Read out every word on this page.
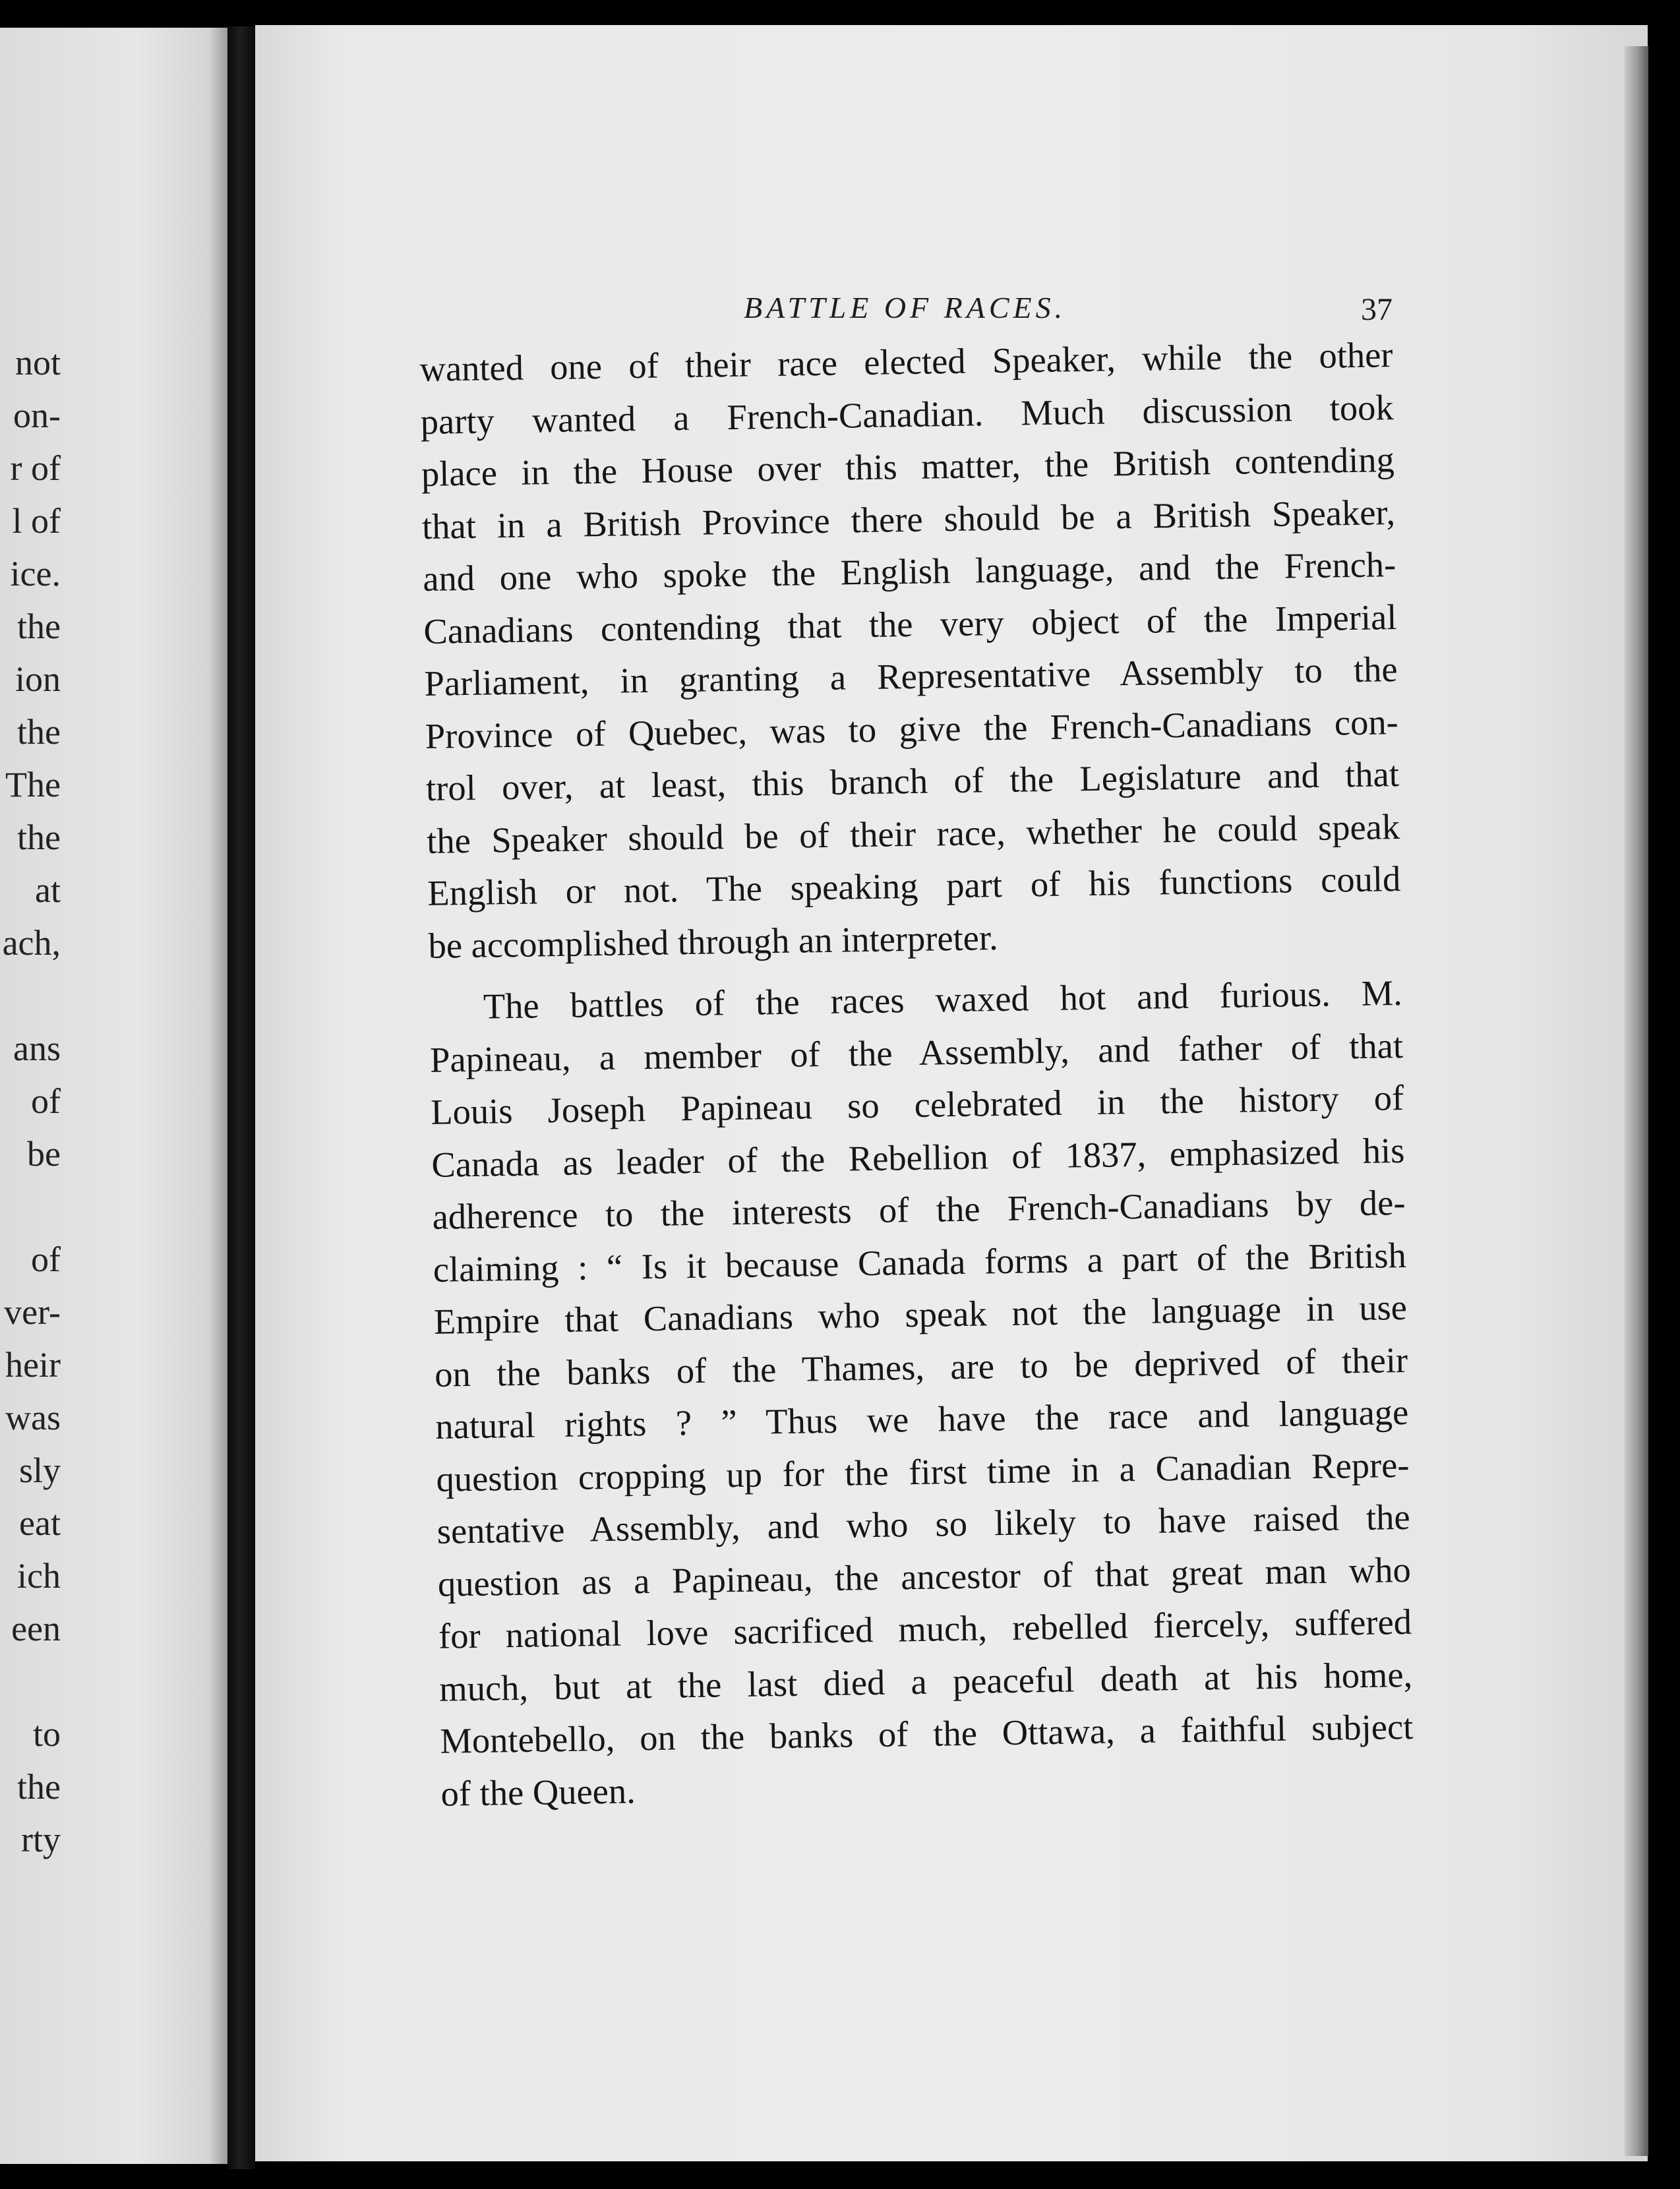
not
on-
r of
l of
ice.
the
ion
the
The
the
at
ach,
ans
of
be
of
ver-
heir
was
sly
eat
ich
een
to
the
rty
BATTLE OF RACES.	37
wanted one of their race elected Speaker, while the other
party wanted a French-Canadian. Much discussion took
place in the House over this matter, the British contending
that in a British Province there should be a British Speaker,
and one who spoke the English language, and the French-
Canadians contending that the very object of the Imperial
Parliament, in granting a Representative Assembly to the
Province of Quebec, was to give the French-Canadians con-
trol over, at least, this branch of the Legislature and that
the Speaker should be of their race, whether he could speak
English or not. The speaking part of his functions could
be accomplished through an interpreter.
The battles of the races waxed hot and furious. M.
Papineau, a member of the Assembly, and father of that
Louis Joseph Papineau so celebrated in the history of
Canada as leader of the Rebellion of 1837, emphasized his
adherence to the interests of the French-Canadians by de-
claiming : “ Is it because Canada forms a part of the British
Empire that Canadians who speak not the language in use
on the banks of the Thames, are to be deprived of their
natural rights ? ” Thus we have the race and language
question cropping up for the first time in a Canadian Repre-
sentative Assembly, and who so likely to have raised the
question as a Papineau, the ancestor of that great man who
for national love sacrificed much, rebelled fiercely, suffered
much, but at the last died a peaceful death at his home,
Montebello, on the banks of the Ottawa, a faithful subject
of the Queen.
